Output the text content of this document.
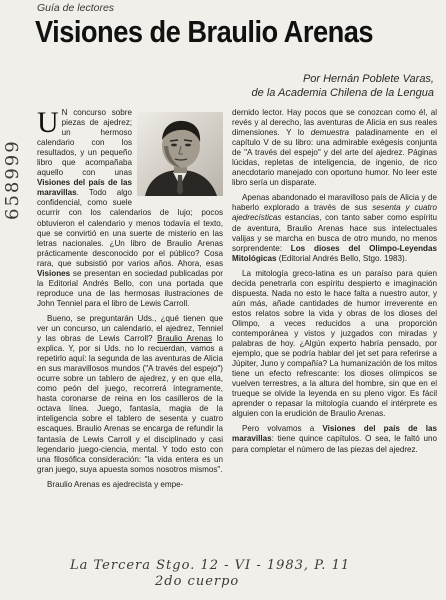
Guía de lectores
Visiones de Braulio Arenas
Por Hernán Poblete Varas,
de la Academia Chilena de la Lengua
658999

U N concurso sobre piezas de ajedrez; un hermoso calendario con los resultados, y un pequeño libro que acompañaba aquello con unas Visiones del país de las maravillas. Todo algo confidencial, como suele ocurrir con los calendarios de lujo; pocos obtuvieron el calendario y menos todavía el texto, que se convirtió en una suerte de misterio en las letras nacionales. ¿Un libro de Braulio Arenas prácticamente desconocido por el público? Cosa rara, que subsistió por varios años. Ahora, esas Visiones se presentan en sociedad publicadas por la Editorial Andrés Bello, con una portada que reproduce una de las hermosas ilustraciones de John Tenniel para el libro de Lewis Carroll.

Bueno, se preguntarán Uds., ¿qué tienen que ver un concurso, un calendario, el ajedrez, Tenniel y las obras de Lewis Carroll? Braulio Arenas lo explica. Y, por si Uds. no lo recuerdan, vamos a repetirlo aquí: la segunda de las aventuras de Alicia en sus maravillosos mundos ("A través del espejo") ocurre sobre un tablero de ajedrez, y en que ella, como peón del juego, recorrerá íntegramente, hasta coronarse de reina en los casilleros de la octava línea. Juego, fantasía, magia de la inteligencia sobre el tablero de sesenta y cuatro escaques. Braulio Arenas se encarga de refundir la fantasía de Lewis Carroll y el disciplinado y casi legendario juego-ciencia, mental. Y todo esto con una filosófica consideración: "la vida entera es un gran juego, suya apuesta somos nosotros mismos".

Braulio Arenas es ajedrecista y empe-

dernido lector. Hay pocos que se conozcan como él, al revés y al derecho, las aventuras de Alicia en sus reales dimensiones. Y lo demuestra paladinamente en el capítulo V de su libro: una admirable exégesis conjunta de "A través del espejo" y del arte del ajedrez. Páginas lúcidas, repletas de inteligencia, de ingenio, de rico anecdotario manejado con oportuno humor. No leer este libro sería un disparate.

Apenas abandonado el maravilloso país de Alicia y de haberlo explorado a través de sus sesenta y cuatro ajedrecísticas estancias, con tanto saber como espíritu de aventura, Braulio Arenas hace sus intelectuales valijas y se marcha en busca de otro mundo, no menos sorprendente: Los dioses del Olimpo-Leyendas Mitológicas (Editorial Andrés Bello, Stgo. 1983).

La mitología greco-latina es un paraíso para quien decida penetrarla con espíritu despierto e imaginación dispuesta. Nada no esto le hace falta a nuestro autor, y aún más, añade cantidades de humor irreverente en estos relatos sobre la vida y obras de los dioses del Olimpo, a veces reducidos a una proporción contemporánea y vistos y juzgados con miradas y palabras de hoy. ¿Algún experto habría pensado, por ejemplo, que se podría hablar del jet set para referirse a Júpiter, Juno y compañía? La humanización de los mitos tiene un efecto refrescante: los dioses olímpicos se vuelven terrestres, a la altura del hombre, sin que en el trueque se olvide la leyenda en su pleno vigor. Es fácil aprender o repasar la mitología cuando el intérprete es alguien con la erudición de Braulio Arenas.

Pero volvamos a Visiones del país de las maravillas: tiene quince capítulos. O sea, le faltó uno para completar el número de las piezas del ajedrez.

La Tercera Stgo. 12 - VI - 1983, P. 11
2do cuerpo
